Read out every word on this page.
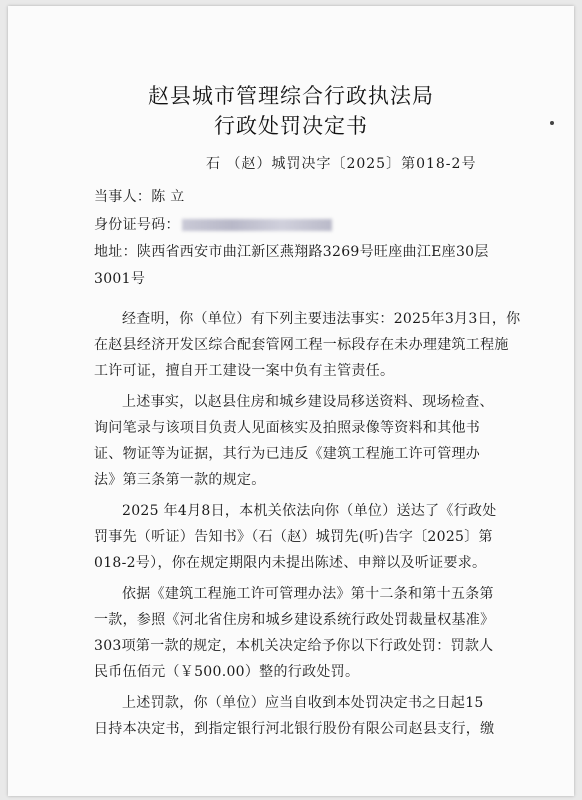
赵县城市管理综合行政执法局
行政处罚决定书
石 （赵）城罚决字〔2025〕第018-2号
当事人：陈 立
身份证号码：
地址：陕西省西安市曲江新区燕翔路3269号旺座曲江E座30层
3001号
经查明，你（单位）有下列主要违法事实：2025年3月3日，你
在赵县经济开发区综合配套管网工程一标段存在未办理建筑工程施
工许可证，擅自开工建设一案中负有主管责任。
上述事实，以赵县住房和城乡建设局移送资料、现场检查、
询问笔录与该项目负责人见面核实及拍照录像等资料和其他书
证、物证等为证据，其行为已违反《建筑工程施工许可管理办
法》第三条第一款的规定。
2025 年4月8日，本机关依法向你（单位）送达了《行政处
罚事先（听证）告知书》（石（赵）城罚先(听)告字〔2025〕第
018-2号），你在规定期限内未提出陈述、申辩以及听证要求。
依据《建筑工程施工许可管理办法》第十二条和第十五条第
一款，参照《河北省住房和城乡建设系统行政处罚裁量权基准》
303项第一款的规定，本机关决定给予你以下行政处罚：罚款人
民币伍佰元（￥500.00）整的行政处罚。
上述罚款，你（单位）应当自收到本处罚决定书之日起15
日持本决定书，到指定银行河北银行股份有限公司赵县支行，缴
